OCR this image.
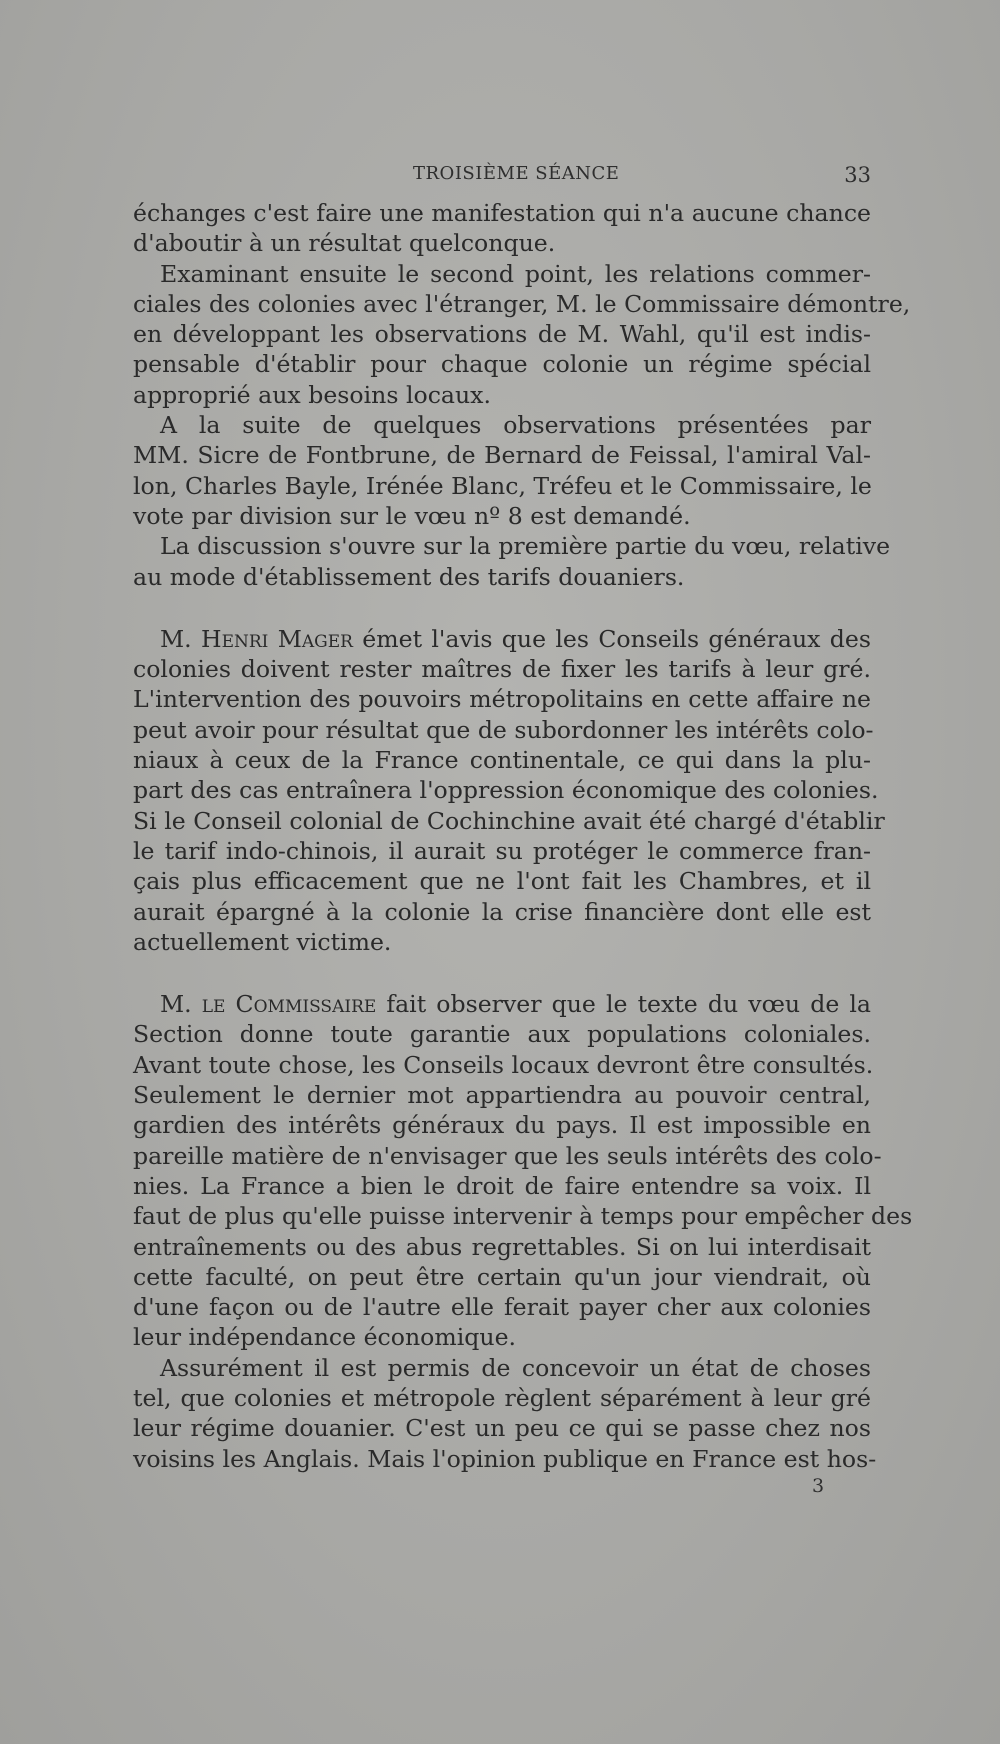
TROISIÈME SÉANCE	33
échanges c'est faire une manifestation qui n'a aucune chance
d'aboutir à un résultat quelconque.
Examinant ensuite le second point, les relations commer-
ciales des colonies avec l'étranger, M. le Commissaire démontre,
en développant les observations de M. Wahl, qu'il est indis-
pensable d'établir pour chaque colonie un régime spécial
approprié aux besoins locaux.
A la suite de quelques observations présentées par
MM. Sicre de Fontbrune, de Bernard de Feissal, l'amiral Val-
lon, Charles Bayle, Irénée Blanc, Tréfeu et le Commissaire, le
vote par division sur le vœu nº 8 est demandé.
La discussion s'ouvre sur la première partie du vœu, relative
au mode d'établissement des tarifs douaniers.
M. Henri Mager émet l'avis que les Conseils généraux des
colonies doivent rester maîtres de fixer les tarifs à leur gré.
L'intervention des pouvoirs métropolitains en cette affaire ne
peut avoir pour résultat que de subordonner les intérêts colo-
niaux à ceux de la France continentale, ce qui dans la plu-
part des cas entraînera l'oppression économique des colonies.
Si le Conseil colonial de Cochinchine avait été chargé d'établir
le tarif indo-chinois, il aurait su protéger le commerce fran-
çais plus efficacement que ne l'ont fait les Chambres, et il
aurait épargné à la colonie la crise financière dont elle est
actuellement victime.
M. le Commissaire fait observer que le texte du vœu de la
Section donne toute garantie aux populations coloniales.
Avant toute chose, les Conseils locaux devront être consultés.
Seulement le dernier mot appartiendra au pouvoir central,
gardien des intérêts généraux du pays. Il est impossible en
pareille matière de n'envisager que les seuls intérêts des colo-
nies. La France a bien le droit de faire entendre sa voix. Il
faut de plus qu'elle puisse intervenir à temps pour empêcher des
entraînements ou des abus regrettables. Si on lui interdisait
cette faculté, on peut être certain qu'un jour viendrait, où
d'une façon ou de l'autre elle ferait payer cher aux colonies
leur indépendance économique.
Assurément il est permis de concevoir un état de choses
tel, que colonies et métropole règlent séparément à leur gré
leur régime douanier. C'est un peu ce qui se passe chez nos
voisins les Anglais. Mais l'opinion publique en France est hos-
3
